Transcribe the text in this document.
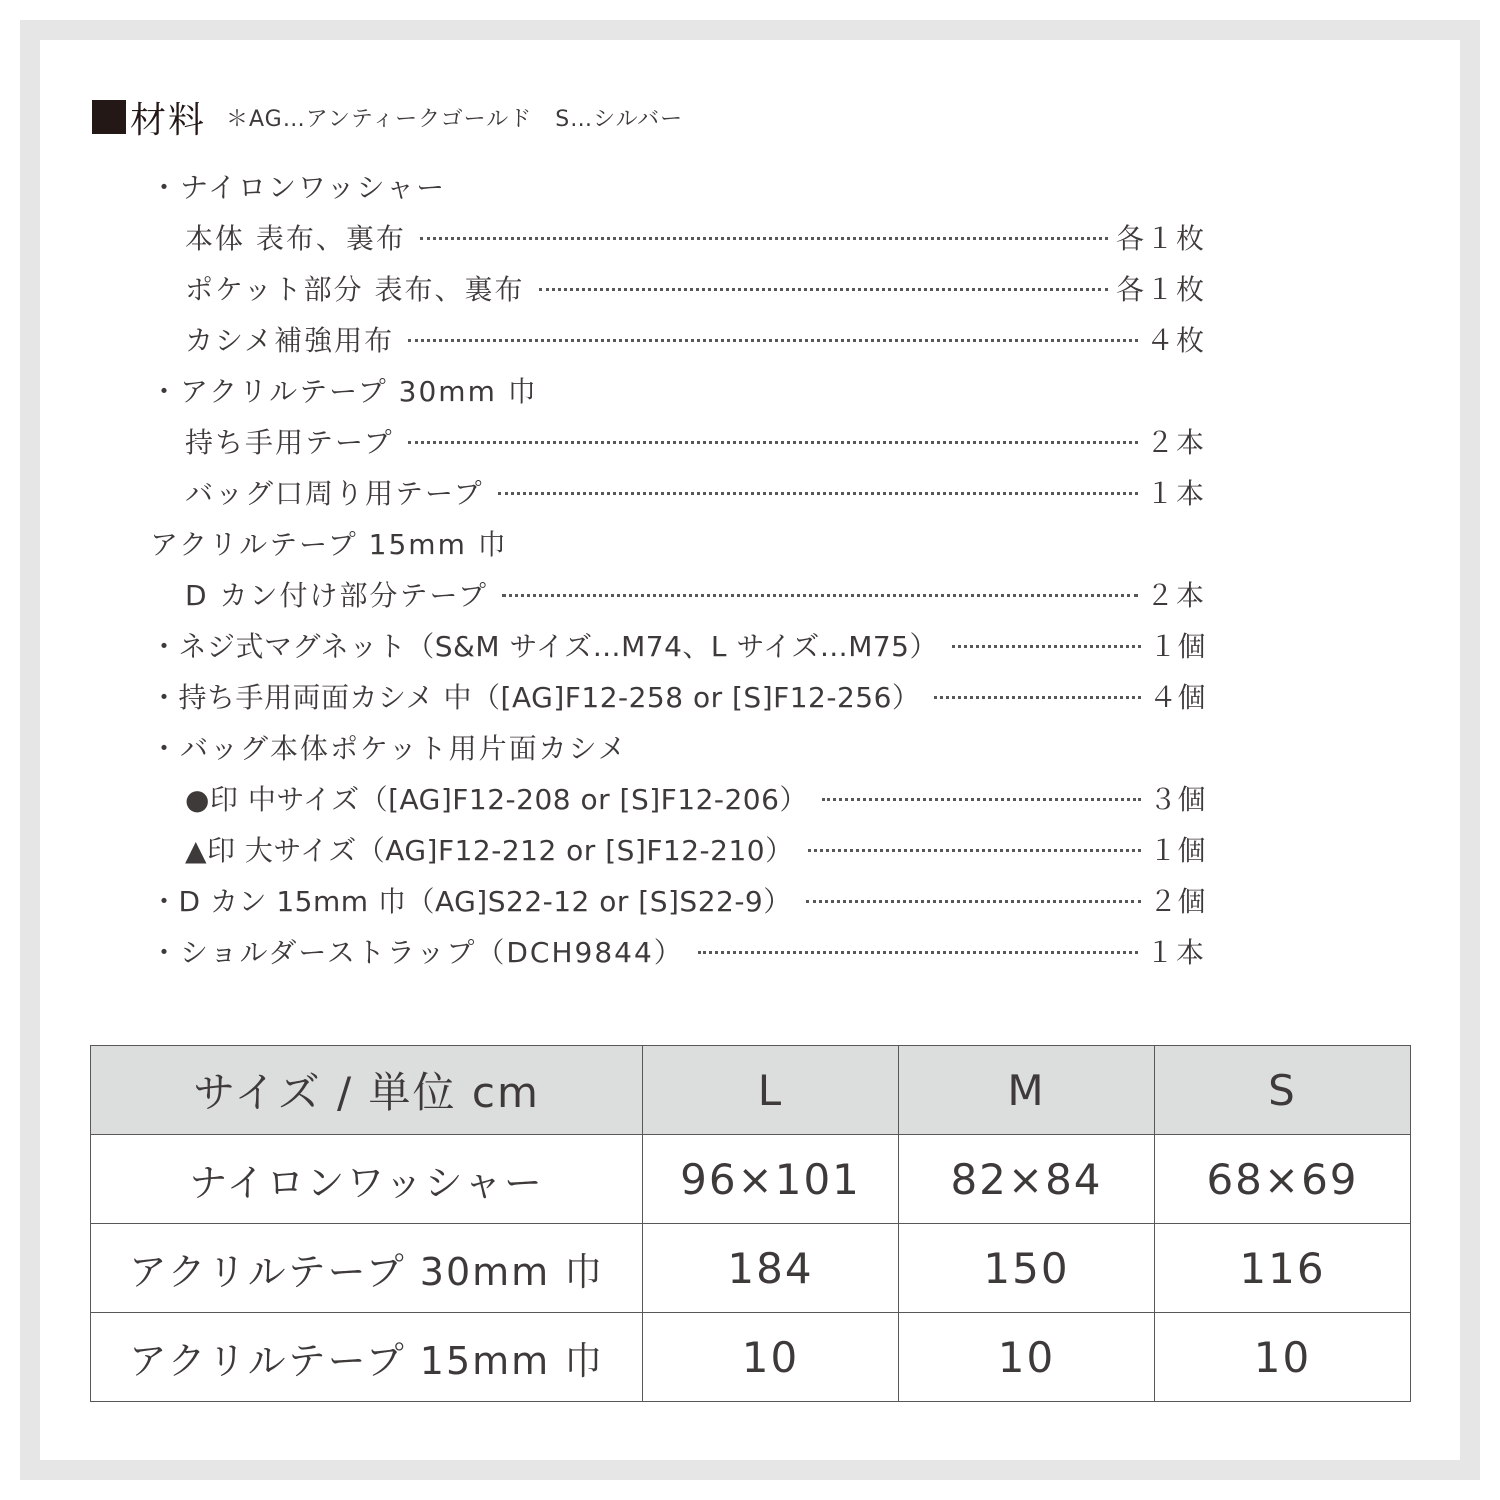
材料 ＊AG…アンティークゴールド　S…シルバー
・ナイロンワッシャー
本体 表布、裏布	各１枚
ポケット部分 表布、裏布	各１枚
カシメ補強用布	４枚
・アクリルテープ 30mm 巾
持ち手用テープ	２本
バッグ口周り用テープ	１本
アクリルテープ 15mm 巾
D カン付け部分テープ	２本
・ネジ式マグネット（S&M サイズ…M74、L サイズ…M75）	１個
・持ち手用両面カシメ 中（[AG]F12-258 or [S]F12-256）	４個
・バッグ本体ポケット用片面カシメ
●印 中サイズ（[AG]F12-208 or [S]F12-206）	３個
▲印 大サイズ（AG]F12-212 or [S]F12-210）	１個
・D カン 15mm 巾（AG]S22-12 or [S]S22-9）	２個
・ショルダーストラップ（DCH9844）	１本
サイズ / 単位 cm	L	M	S
ナイロンワッシャー	96×101	82×84	68×69
アクリルテープ 30mm 巾	184	150	116
アクリルテープ 15mm 巾	10	10	10
